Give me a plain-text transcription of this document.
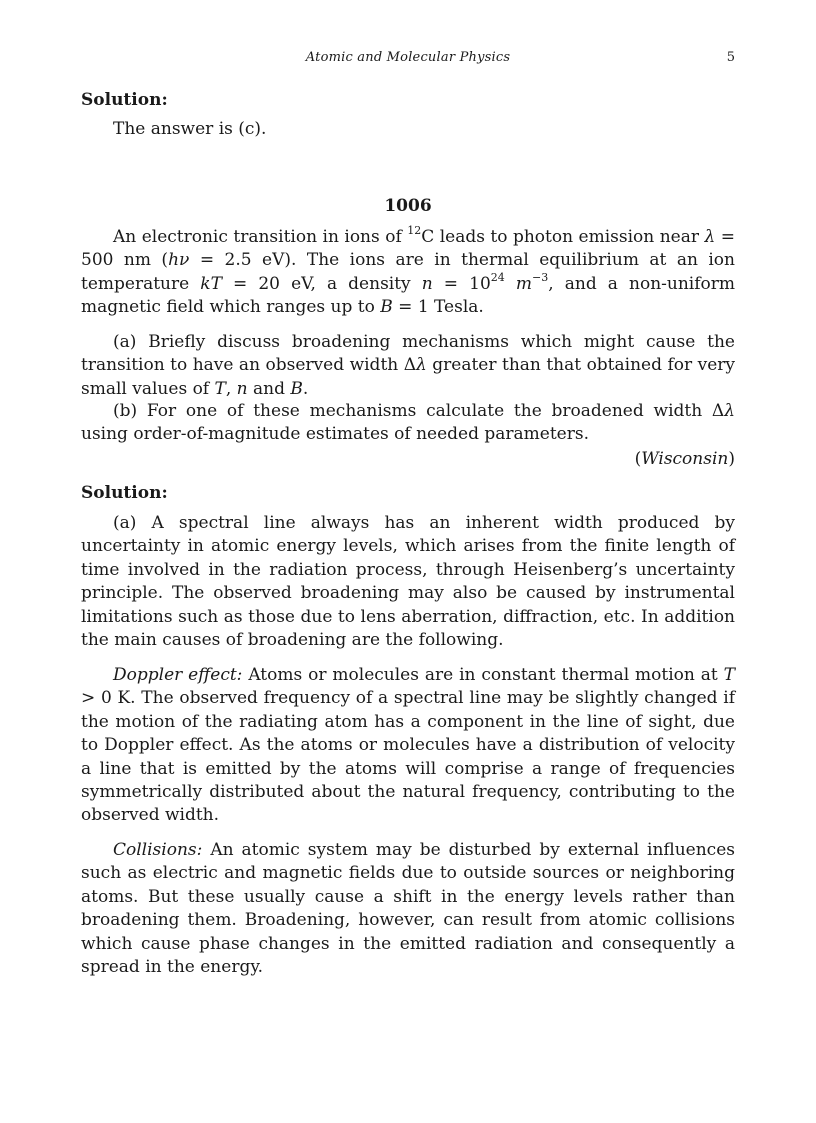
Atomic and Molecular Physics	5
Solution:
The answer is (c).
1006
An electronic transition in ions of $^{12}$C leads to photon emission near λ = 500 nm (hν = 2.5 eV). The ions are in thermal equilibrium at an ion temperature kT = 20 eV, a density $n = 10^{24}$ $m^{-3}$, and a non-uniform magnetic field which ranges up to B = 1 Tesla.
(a) Briefly discuss broadening mechanisms which might cause the transition to have an observed width Δλ greater than that obtained for very small values of T, n and B.
(b) For one of these mechanisms calculate the broadened width Δλ using order-of-magnitude estimates of needed parameters.
(Wisconsin)
Solution:
(a) A spectral line always has an inherent width produced by uncertainty in atomic energy levels, which arises from the finite length of time involved in the radiation process, through Heisenberg’s uncertainty principle. The observed broadening may also be caused by instrumental limitations such as those due to lens aberration, diffraction, etc. In addition the main causes of broadening are the following.
Doppler effect: Atoms or molecules are in constant thermal motion at T > 0 K. The observed frequency of a spectral line may be slightly changed if the motion of the radiating atom has a component in the line of sight, due to Doppler effect. As the atoms or molecules have a distribution of velocity a line that is emitted by the atoms will comprise a range of frequencies symmetrically distributed about the natural frequency, contributing to the observed width.
Collisions: An atomic system may be disturbed by external influences such as electric and magnetic fields due to outside sources or neighboring atoms. But these usually cause a shift in the energy levels rather than broadening them. Broadening, however, can result from atomic collisions which cause phase changes in the emitted radiation and consequently a spread in the energy.
